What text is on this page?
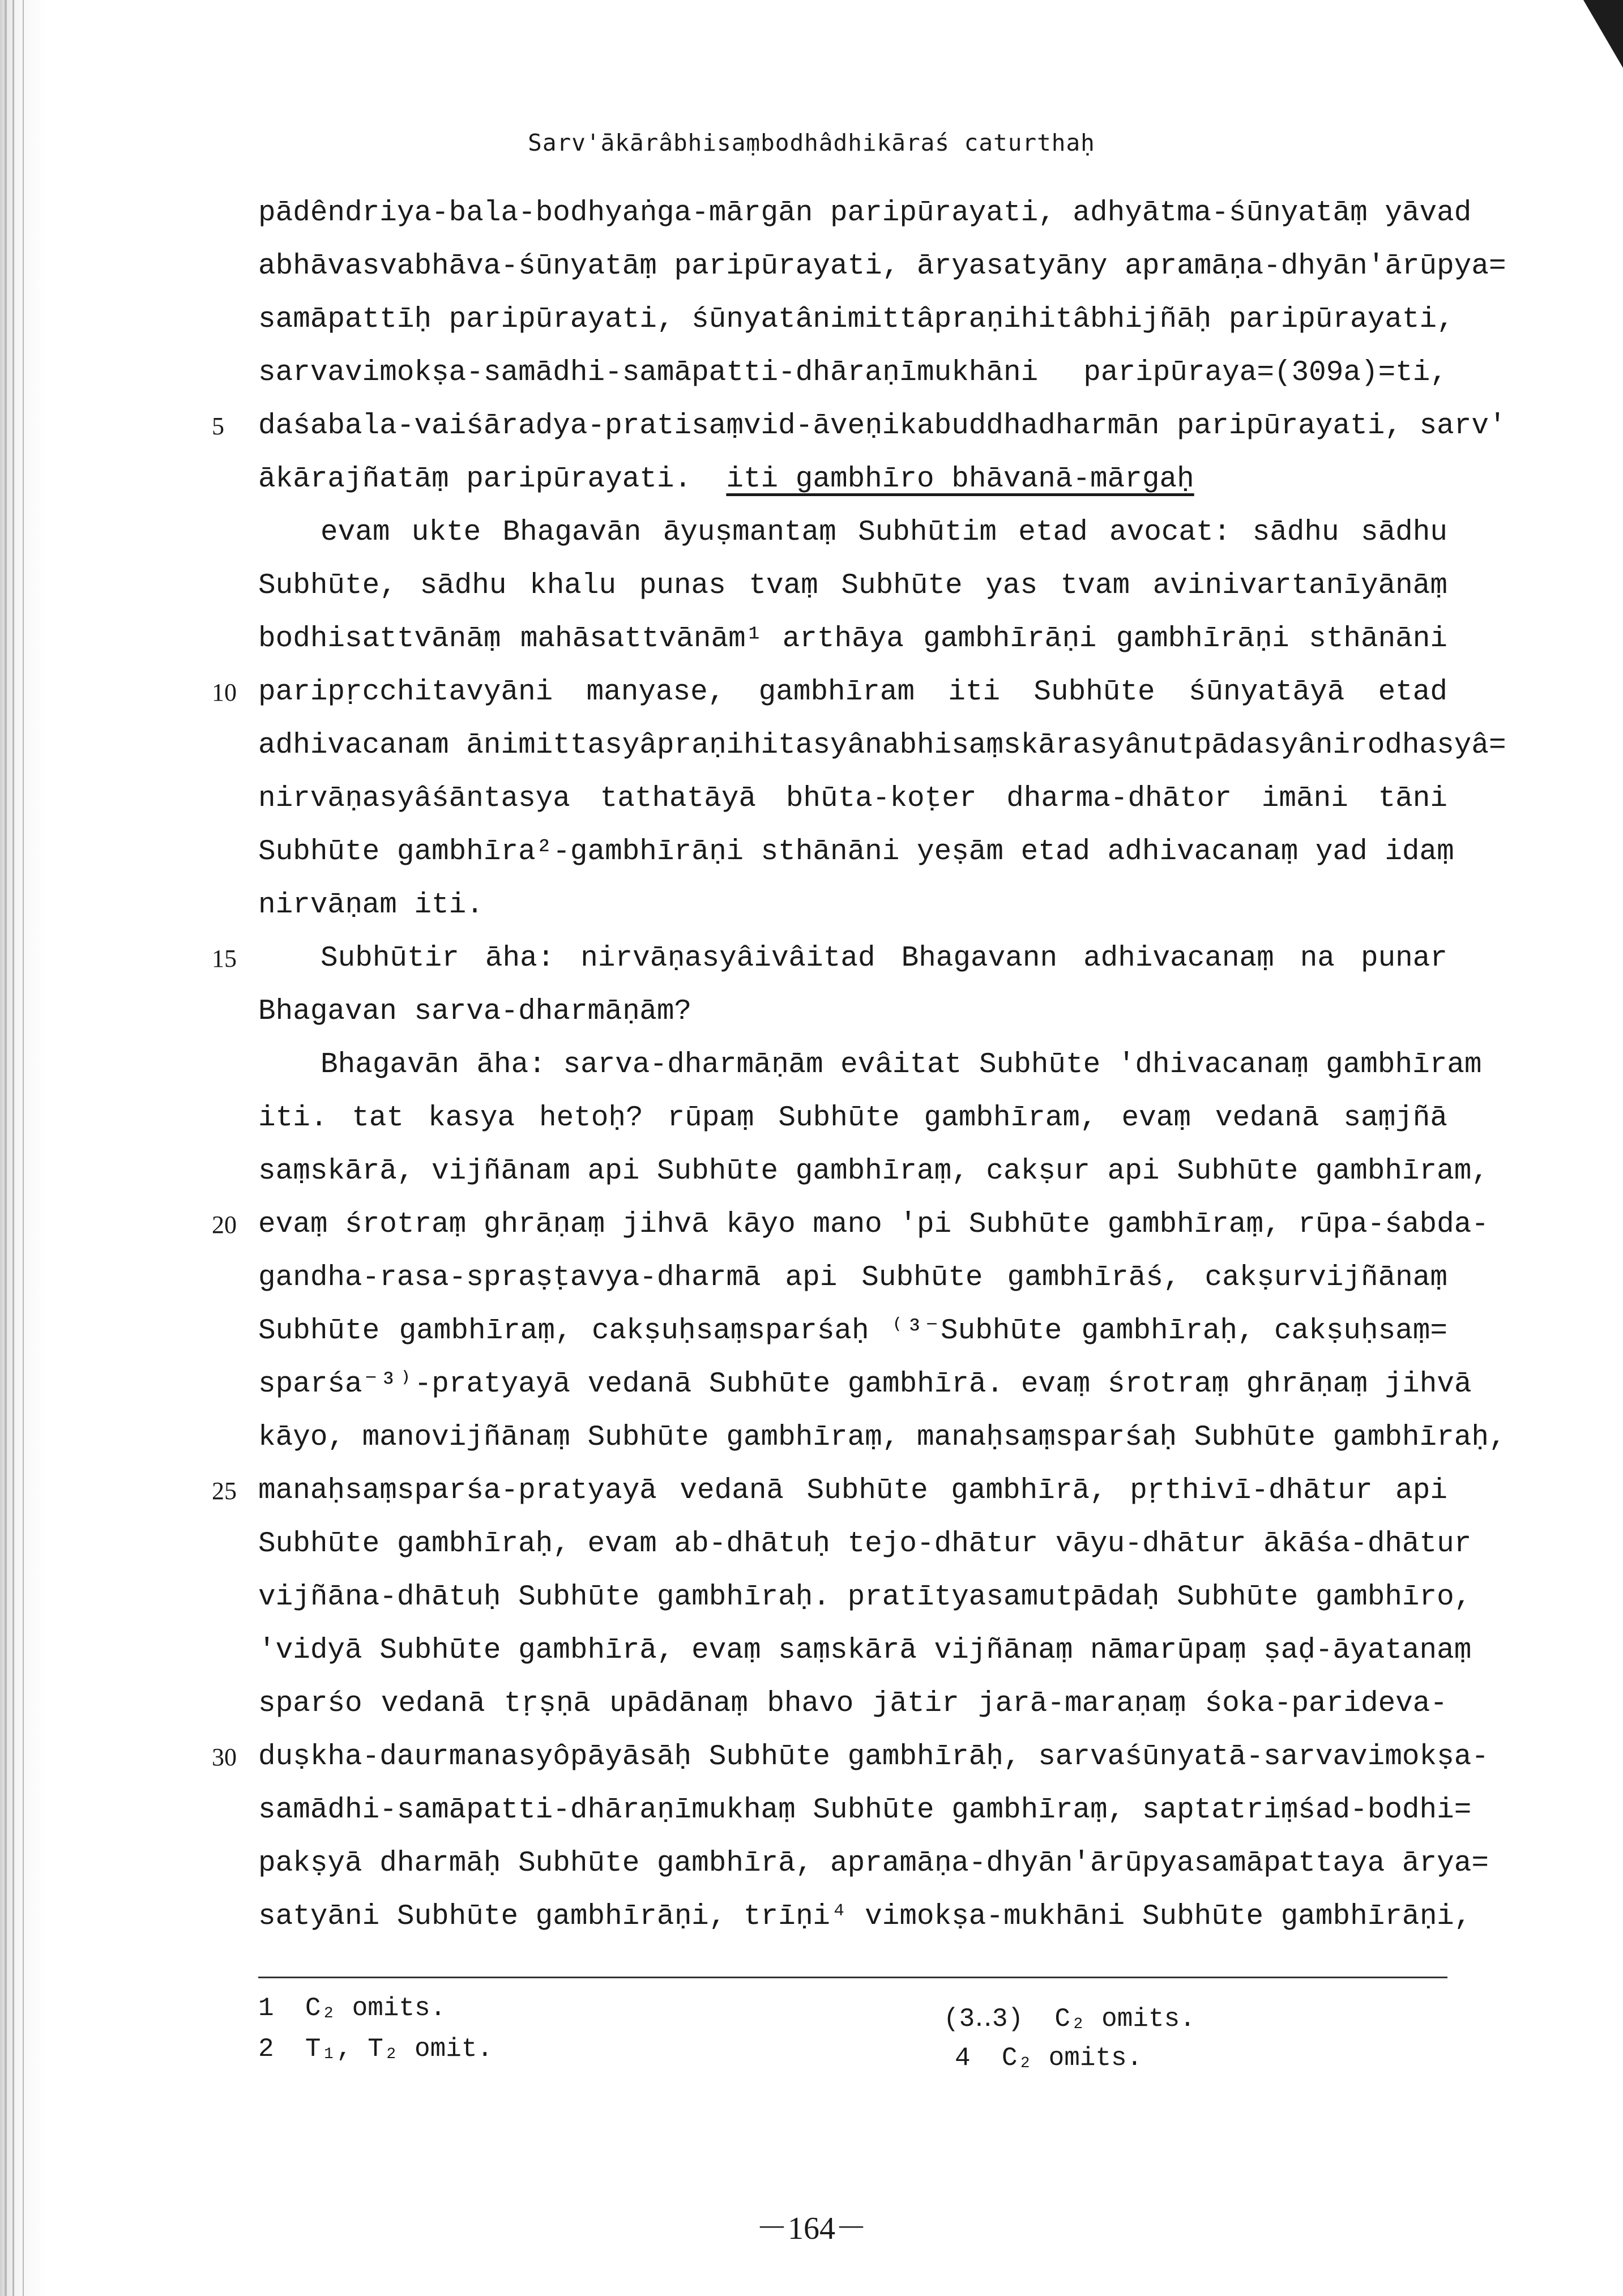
Sarv'ākārâbhisaṃbodhâdhikāraś caturthaḥ
pādêndriya-bala-bodhyaṅga-mārgān paripūrayati, adhyātma-śūnyatāṃ yāvad
abhāvasvabhāva-śūnyatāṃ paripūrayati, āryasatyāny apramāṇa-dhyān'ārūpya=
samāpattīḥ paripūrayati, śūnyatânimittâpraṇihitâbhijñāḥ paripūrayati,
sarvavimokṣa-samādhi-samāpatti-dhāraṇīmukhāni paripūraya=(309a)=ti,
5	daśabala-vaiśāradya-pratisaṃvid-āveṇikabuddhadharmān paripūrayati, sarv'
ākārajñatāṃ paripūrayati.  iti gambhīro bhāvanā-mārgaḥ
evam ukte Bhagavān āyuṣmantaṃ Subhūtim etad avocat: sādhu sādhu
Subhūte, sādhu khalu punas tvaṃ Subhūte yas tvam avinivartanīyānāṃ
bodhisattvānāṃ mahāsattvānām¹ arthāya gambhīrāṇi gambhīrāṇi sthānāni
10 paripṛcchitavyāni manyase, gambhīram iti Subhūte śūnyatāyā etad
adhivacanam ānimittasyâpraṇihitasyânabhisaṃskārasyânutpādasyânirodhasyâ=
nirvāṇasyâśāntasya tathatāyā bhūta-koṭer dharma-dhātor imāni tāni
Subhūte gambhīra²-gambhīrāṇi sthānāni yeṣām etad adhivacanaṃ yad idaṃ
nirvāṇam iti.
15	Subhūtir āha: nirvāṇasyâivâitad Bhagavann adhivacanaṃ na punar
Bhagavan sarva-dharmāṇām?
Bhagavān āha: sarva-dharmāṇām evâitat Subhūte 'dhivacanaṃ gambhīram
iti. tat kasya hetoḥ? rūpaṃ Subhūte gambhīram, evaṃ vedanā saṃjñā
saṃskārā, vijñānam api Subhūte gambhīraṃ, cakṣur api Subhūte gambhīram,
20 evaṃ śrotraṃ ghrāṇaṃ jihvā kāyo mano 'pi Subhūte gambhīraṃ, rūpa-śabda-
gandha-rasa-spraṣṭavya-dharmā api Subhūte gambhīrāś, cakṣurvijñānaṃ
Subhūte gambhīraṃ, cakṣuḥsaṃsparśaḥ ⁽³⁻Subhūte gambhīraḥ, cakṣuḥsaṃ=
sparśa⁻³⁾-pratyayā vedanā Subhūte gambhīrā. evaṃ śrotraṃ ghrāṇaṃ jihvā
kāyo, manovijñānaṃ Subhūte gambhīraṃ, manaḥsaṃsparśaḥ Subhūte gambhīraḥ,
25 manaḥsaṃsparśa-pratyayā vedanā Subhūte gambhīrā, pṛthivī-dhātur api
Subhūte gambhīraḥ, evam ab-dhātuḥ tejo-dhātur vāyu-dhātur ākāśa-dhātur
vijñāna-dhātuḥ Subhūte gambhīraḥ. pratītyasamutpādaḥ Subhūte gambhīro,
'vidyā Subhūte gambhīrā, evaṃ saṃskārā vijñānaṃ nāmarūpaṃ ṣaḍ-āyatanaṃ
sparśo vedanā tṛṣṇā upādānaṃ bhavo jātir jarā-maraṇaṃ śoka-parideva-
30 duṣkha-daurmanasyôpāyāsāḥ Subhūte gambhīrāḥ, sarvaśūnyatā-sarvavimokṣa-
samādhi-samāpatti-dhāraṇīmukhaṃ Subhūte gambhīraṃ, saptatriṃśad-bodhi=
pakṣyā dharmāḥ Subhūte gambhīrā, apramāṇa-dhyān'ārūpyasamāpattaya ārya=
satyāni Subhūte gambhīrāṇi, trīṇi⁴ vimokṣa-mukhāni Subhūte gambhīrāṇi,
1 C₂ omits.
2 T₁, T₂ omit.
(3‥3) C₂ omits.
4 C₂ omits.
－164－
